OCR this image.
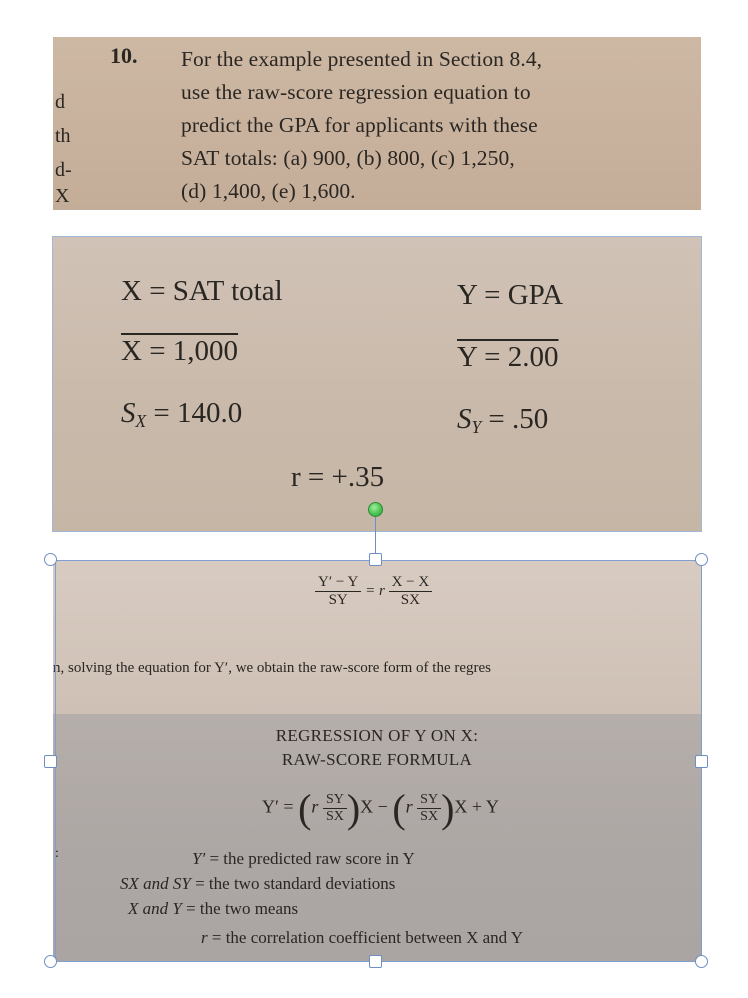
d
th
d-
X
10. For the example presented in Section 8.4,
use the raw-score regression equation to
predict the GPA for applicants with these
SAT totals: (a) 900, (b) 800, (c) 1,250,
(d) 1,400, (e) 1,600.
X = SAT total	Y = GPA
X = 1,000	Y = 2.00
$S_X = 140.0$	$S_Y = .50$
r = +.35
$\frac{Y' - Y}{SY} = r \frac{X - X}{SX}$
n, solving the equation for Y′, we obtain the raw-score form of the regres
REGRESSION OF Y ON X:
RAW-SCORE FORMULA
$Y' = (r \frac{SY}{SX} )X - (r \frac{SY}{SX} )X + Y$
:	Y′ = the predicted raw score in Y
SX and SY = the two standard deviations
X and Y = the two means
r = the correlation coefficient between X and Y
